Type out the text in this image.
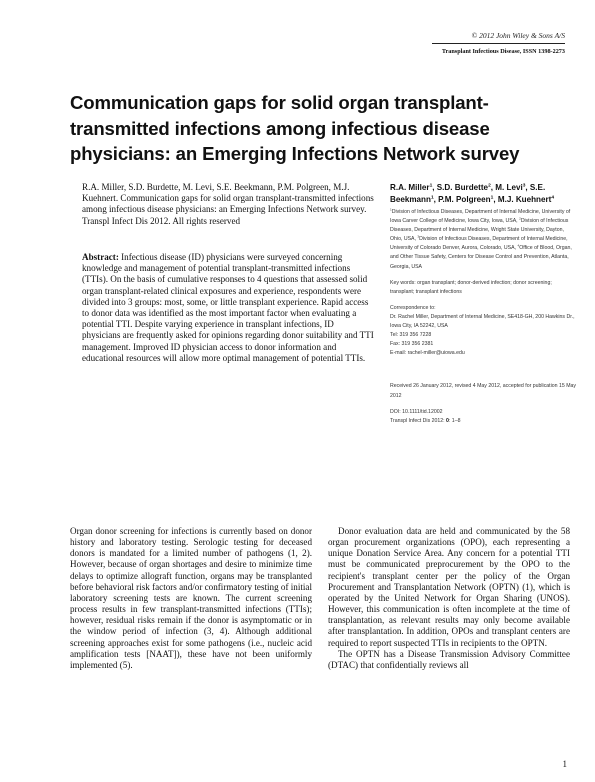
© 2012 John Wiley & Sons A/S
Transplant Infectious Disease, ISSN 1398-2273
Communication gaps for solid organ transplant-transmitted infections among infectious disease physicians: an Emerging Infections Network survey

R.A. Miller, S.D. Burdette, M. Levi, S.E. Beekmann, P.M. Polgreen, M.J. Kuehnert. Communication gaps for solid organ transplant-transmitted infections among infectious disease physicians: an Emerging Infections Network survey.

Transpl Infect Dis 2012. All rights reserved

Abstract: Infectious disease (ID) physicians were surveyed concerning knowledge and management of potential transplant-transmitted infections (TTIs). On the basis of cumulative responses to 4 questions that assessed solid organ transplant-related clinical exposures and experience, respondents were divided into 3 groups: most, some, or little transplant experience. Rapid access to donor data was identified as the most important factor when evaluating a potential TTI. Despite varying experience in transplant infections, ID physicians are frequently asked for opinions regarding donor suitability and TTI management. Improved ID physician access to donor information and educational resources will allow more optimal management of potential TTIs.

R.A. Miller$^1$, S.D. Burdette$^2$, M. Levi$^3$, S.E. Beekmann$^1$, P.M. Polgreen$^1$, M.J. Kuehnert$^4$

$^1$Division of Infectious Diseases, Department of Internal Medicine, University of Iowa Carver College of Medicine, Iowa City, Iowa, USA, $^2$Division of Infectious Diseases, Department of Internal Medicine, Wright State University, Dayton, Ohio, USA, $^3$Division of Infectious Diseases, Department of Internal Medicine, University of Colorado Denver, Aurora, Colorado, USA, $^4$Office of Blood, Organ, and Other Tissue Safety, Centers for Disease Control and Prevention, Atlanta, Georgia, USA

Key words: organ transplant; donor-derived infection; donor screening; transplant; transplant infections

Correspondence to:

Dr. Rachel Miller, Department of Internal Medicine, SE418-GH, 200 Hawkins Dr., Iowa City, IA 52242, USA

Tel: 319 356 7228

Fax: 319 356 2381

E-mail: rachel-miller@uiowa.edu

Received 26 January 2012, revised 4 May 2012, accepted for publication 15 May 2012

DOI: 10.1111/tid.12002

Transpl Infect Dis 2012: 0: 1–8

Organ donor screening for infections is currently based on donor history and laboratory testing. Serologic testing for deceased donors is mandated for a limited number of pathogens (1, 2). However, because of organ shortages and desire to minimize time delays to optimize allograft function, organs may be transplanted before behavioral risk factors and/or confirmatory testing of initial laboratory screening tests are known. The current screening process results in few transplant-transmitted infections (TTIs); however, residual risks remain if the donor is asymptomatic or in the window period of infection (3, 4). Although additional screening approaches exist for some pathogens (i.e., nucleic acid amplification tests [NAAT]), these have not been uniformly implemented (5).

Donor evaluation data are held and communicated by the 58 organ procurement organizations (OPO), each representing a unique Donation Service Area. Any concern for a potential TTI must be communicated preprocurement by the OPO to the recipient's transplant center per the policy of the Organ Procurement and Transplantation Network (OPTN) (1), which is operated by the United Network for Organ Sharing (UNOS). However, this communication is often incomplete at the time of transplantation, as relevant results may only become available after transplantation. In addition, OPOs and transplant centers are required to report suspected TTIs in recipients to the OPTN.

The OPTN has a Disease Transmission Advisory Committee (DTAC) that confidentially reviews all

1
